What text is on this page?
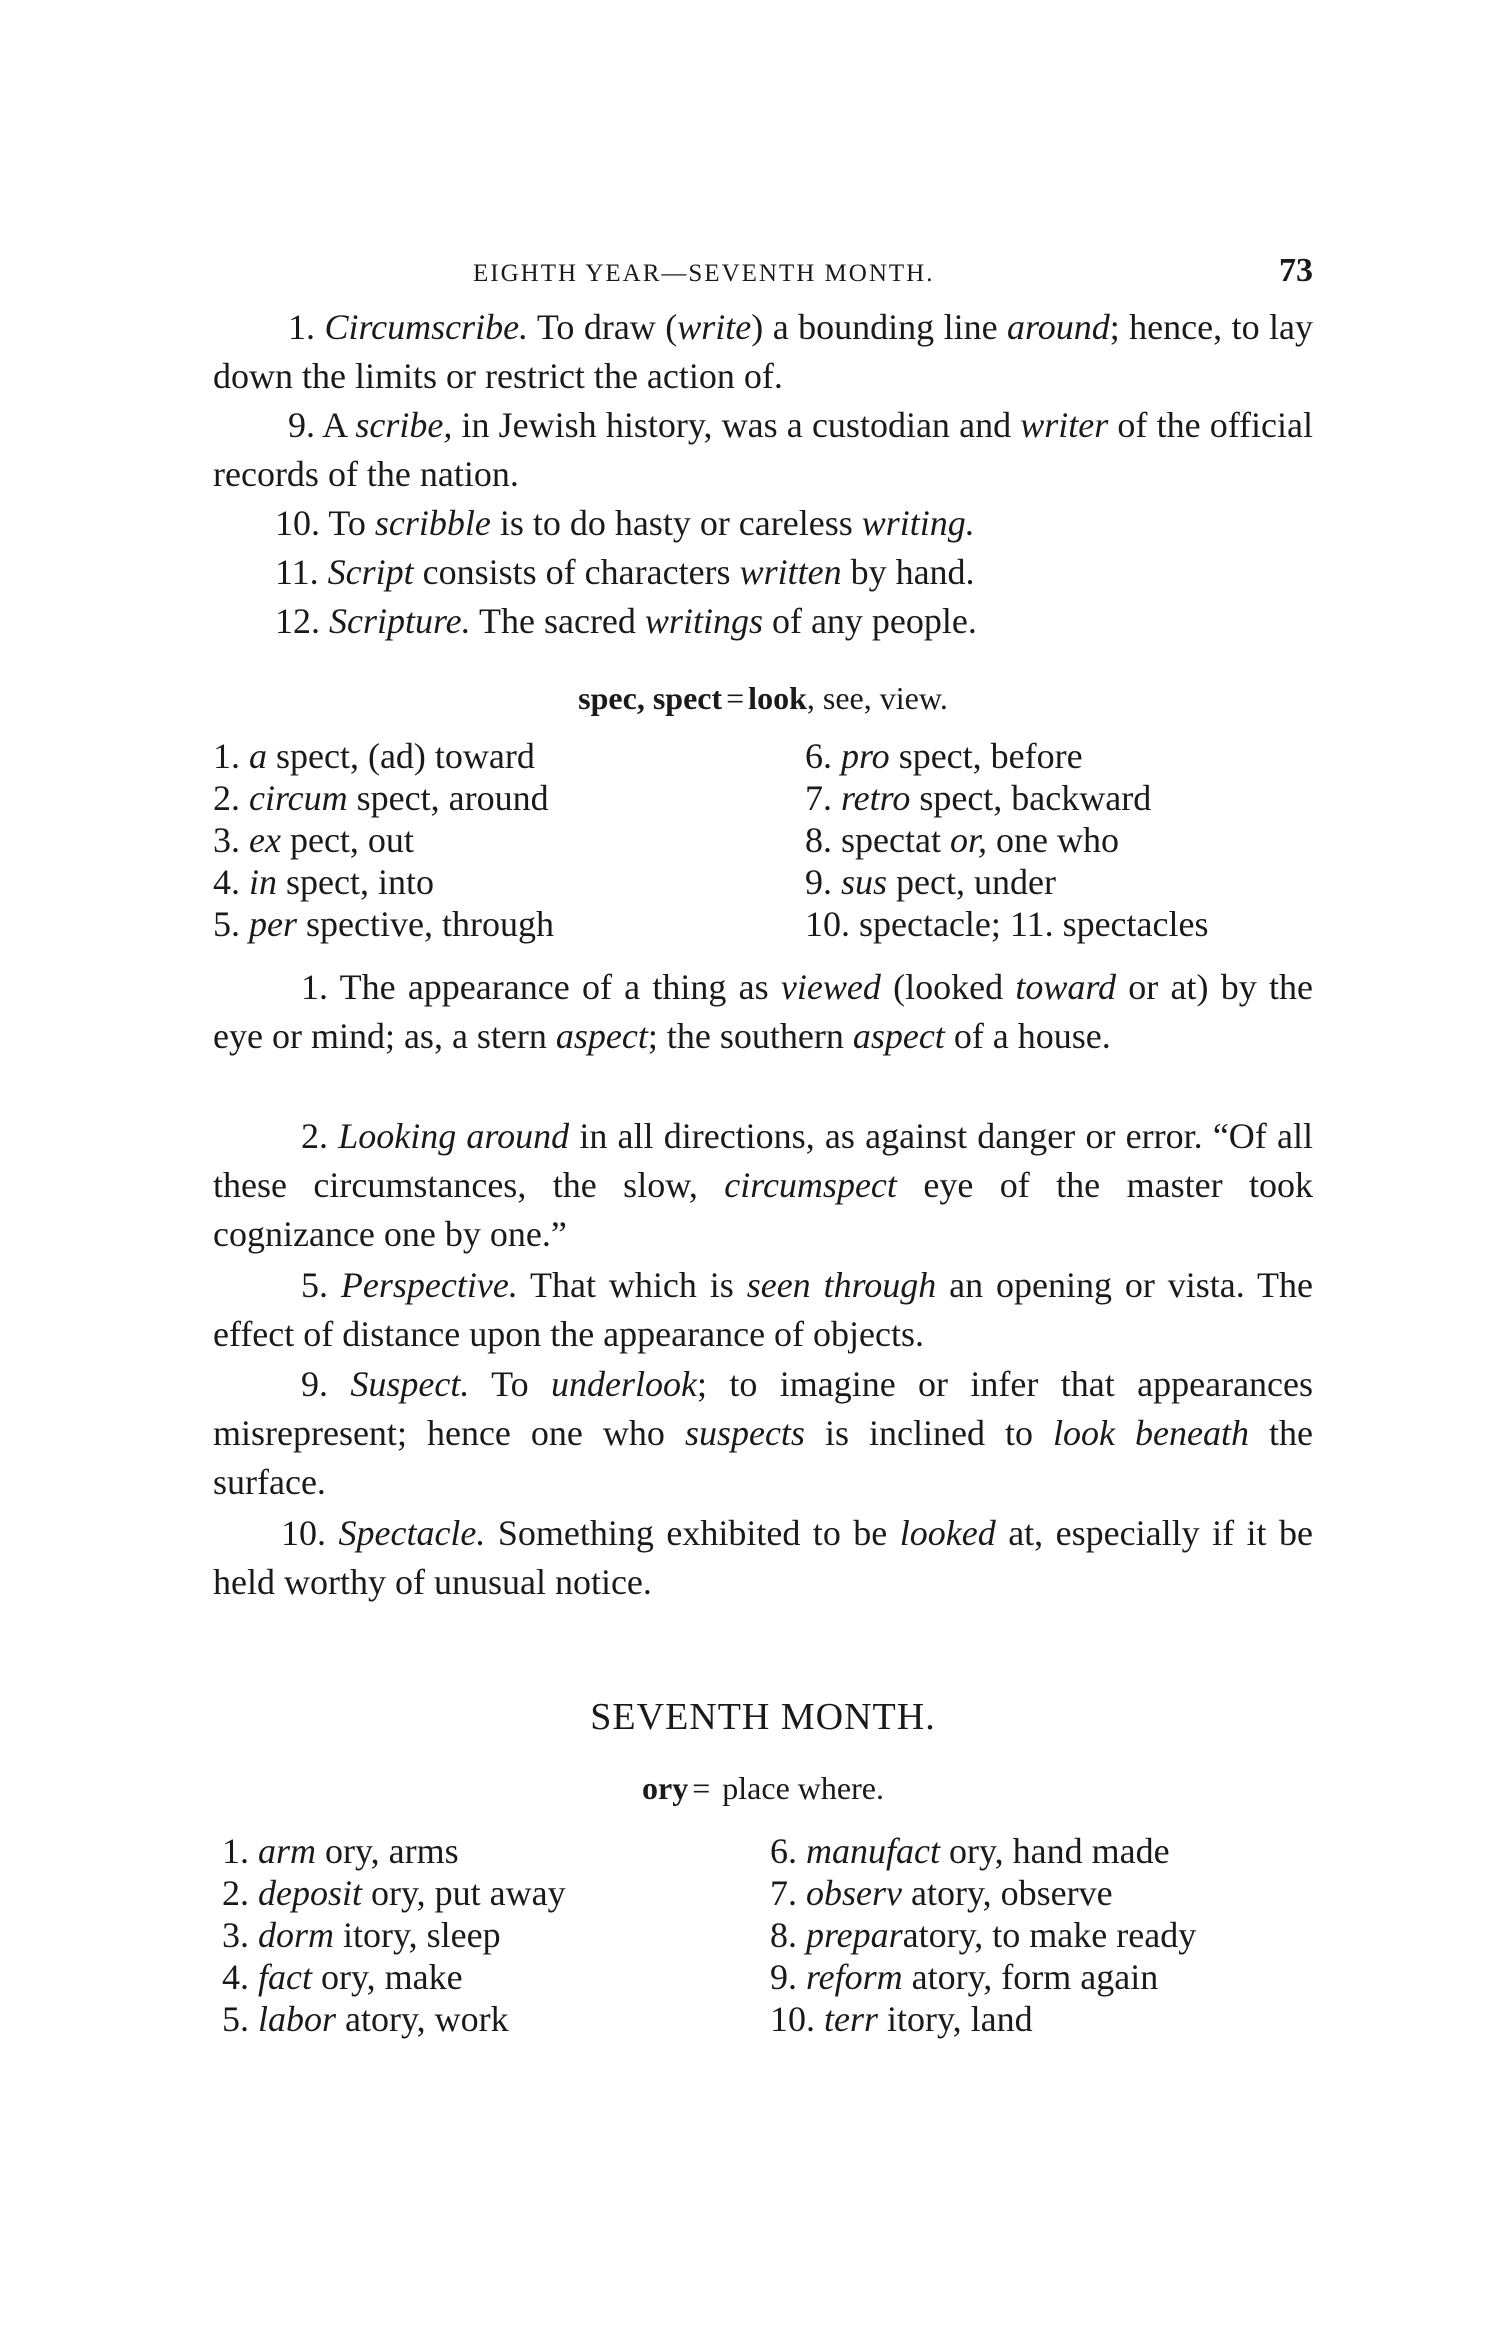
EIGHTH YEAR—SEVENTH MONTH.	73
1. Circumscribe. To draw (write) a bounding line around; hence, to lay down the limits or restrict the action of.
9. A scribe, in Jewish history, was a custodian and writer of the official records of the nation.
10. To scribble is to do hasty or careless writing.
11. Script consists of characters written by hand.
12. Scripture. The sacred writings of any people.
spec, spect = look, see, view.
1. a spect, (ad) toward
2. circum spect, around
3. ex pect, out
4. in spect, into
5. per spective, through
6. pro spect, before
7. retro spect, backward
8. spectat or, one who
9. sus pect, under
10. spectacle; 11. spectacles
1. The appearance of a thing as viewed (looked toward or at) by the eye or mind; as, a stern aspect; the southern aspect of a house.
2. Looking around in all directions, as against danger or error. “Of all these circumstances, the slow, circumspect eye of the master took cognizance one by one.”
5. Perspective. That which is seen through an opening or vista. The effect of distance upon the appearance of objects.
9. Suspect. To underlook; to imagine or infer that appearances misrepresent; hence one who suspects is inclined to look beneath the surface.
10. Spectacle. Something exhibited to be looked at, especially if it be held worthy of unusual notice.
SEVENTH MONTH.
ory = place where.
1. arm ory, arms
2. deposit ory, put away
3. dorm itory, sleep
4. fact ory, make
5. labor atory, work
6. manufact ory, hand made
7. observ atory, observe
8. preparatory, to make ready
9. reform atory, form again
10. terr itory, land
